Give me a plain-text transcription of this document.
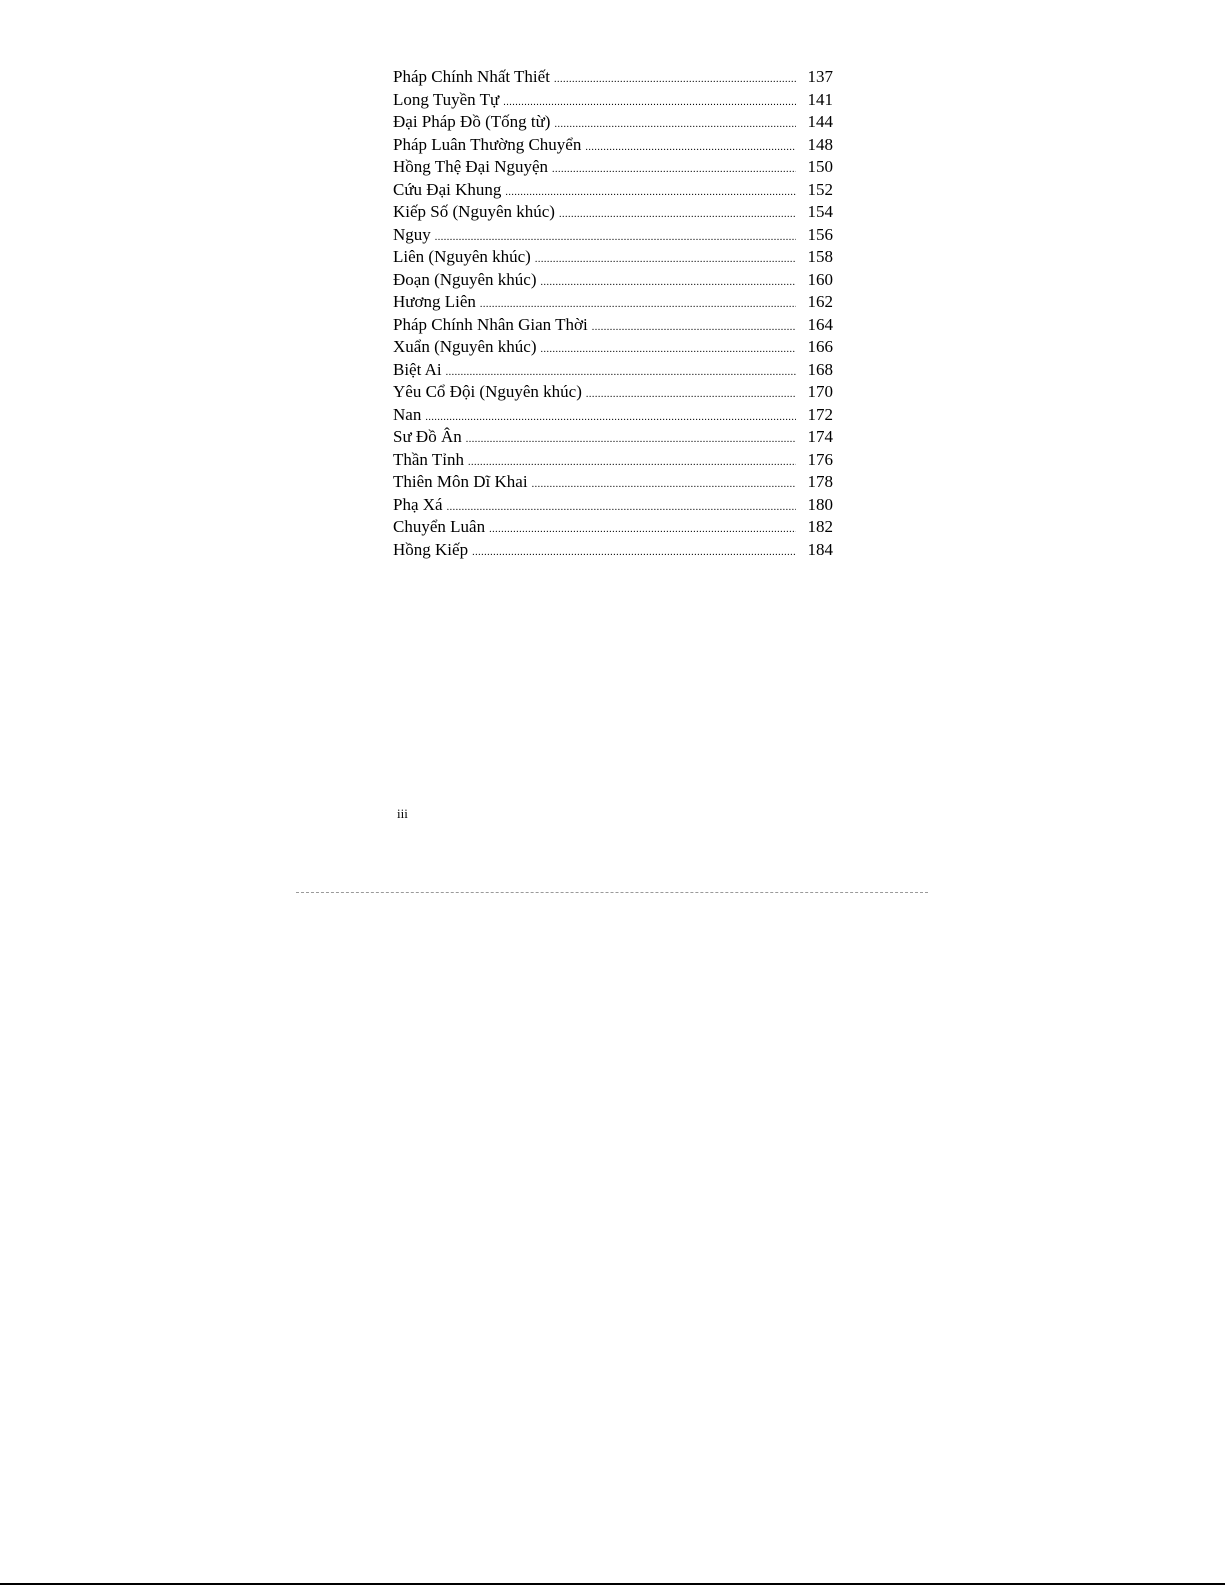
Pháp Chính Nhất Thiết .....	137
Long Tuyền Tự .....	141
Đại Pháp Đồ (Tống từ) .....	144
Pháp Luân Thường Chuyển .....	148
Hồng Thệ Đại Nguyện .....	150
Cứu Đại Khung .....	152
Kiếp Số (Nguyên khúc) .....	154
Nguy .....	156
Liên (Nguyên khúc) .....	158
Đoạn (Nguyên khúc) .....	160
Hương Liên .....	162
Pháp Chính Nhân Gian Thời .....	164
Xuẩn (Nguyên khúc) .....	166
Biệt Ai .....	168
Yêu Cổ Đội (Nguyên khúc) .....	170
Nan .....	172
Sư Đồ Ân .....	174
Thần Tỉnh .....	176
Thiên Môn Dĩ Khai .....	178
Phạ Xá .....	180
Chuyển Luân .....	182
Hồng Kiếp .....	184
iii
